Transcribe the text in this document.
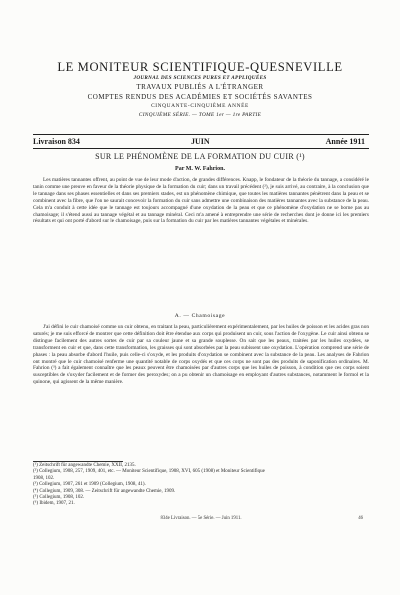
LE MONITEUR SCIENTIFIQUE-QUESNEVILLE
JOURNAL DES SCIENCES PURES ET APPLIQUÉES
TRAVAUX PUBLIÉS A L'ÉTRANGER
COMPTES RENDUS DES ACADÉMIES ET SOCIÉTÉS SAVANTES
CINQUANTE-CINQUIÈME ANNÉE
CINQUIÈME SÉRIE. — TOME 1er — 1re PARTIE
Livraison 834	JUIN	Année 1911
SUR LE PHÉNOMÈNE DE LA FORMATION DU CUIR (¹)
Par M. W. Fahrion.
Les matières tannantes offrent, au point de vue de leur mode d'action, de grandes différences. Knapp, le fondateur de la théorie du tannage, a considéré le tanin comme une preuve en faveur de la théorie physique de la formation du cuir; dans un travail précédent (²), je suis arrivé, au contraire, à la conclusion que le tannage dans ses phases essentielles et dans ses premiers stades, est un phénomène chimique, que toutes les matières tannantes pénètrent dans la peau et se combinent avec la fibre, que l'on ne saurait concevoir la formation du cuir sans admettre une combinaison des matières tannantes avec la substance de la peau. Cela m'a conduit à cette idée que le tannage est toujours accompagné d'une oxydation de la peau et que ce phénomène d'oxydation ne se borne pas au chamoisage; il s'étend aussi au tannage végétal et au tannage minéral. Ceci m'a amené à entreprendre une série de recherches dont je donne ici les premiers résultats et qui ont porté d'abord sur le chamoisage, puis sur la formation du cuir par les matières tannantes végétales et minérales.
A. — Chamoisage
J'ai défini le cuir chamoisé comme un cuir obtenu, en traitant la peau, particulièrement expérimentalement, par les huiles de poisson et les acides gras non saturés; je me suis efforcé de montrer que cette définition doit être étendue aux corps qui produisent un cuir, sous l'action de l'oxygène. Le cuir ainsi obtenu se distingue facilement des autres sortes de cuir par sa couleur jaune et sa grande souplesse. On sait que les peaux, traitées par les huiles oxydées, se transforment en cuir et que, dans cette transformation, les graisses qui sont absorbées par la peau subissent une oxydation. L'opération comprend une série de phases : la peau absorbe d'abord l'huile, puis celle-ci s'oxyde, et les produits d'oxydation se combinent avec la substance de la peau. Les analyses de Fahrion ont montré que le cuir chamoisé renferme une quantité notable de corps oxydés et que ces corps ne sont pas des produits de saponification ordinaires. M. Fahrion (³) a fait également connaître que les peaux peuvent être chamoisées par d'autres corps que les huiles de poisson, à condition que ces corps soient susceptibles de s'oxyder facilement et de former des peroxydes; on a pu obtenir un chamoisage en employant d'autres substances, notamment le formol et la quinone, qui agissent de la même manière.
(¹) Zeitschrift für angewandte Chemie, XXII, 2135.
(²) Collegium, 1908, 257, 1909, 401, etc. — Moniteur Scientifique, 1908, XVI, 605 (1908) et Moniteur Scientifique
1908, 102.
(³) Collegium, 1907, 261 et 1909 (Collegium, 1908, 41).
(⁴) Collegium, 1909, 308. — Zeitschrift für angewandte Chemie, 1909.
(⁵) Collegium, 1908, 102.
(⁶) Ibidem, 1907, 21.
834e Livraison. — 5e Série. — Juin 1911.	46
